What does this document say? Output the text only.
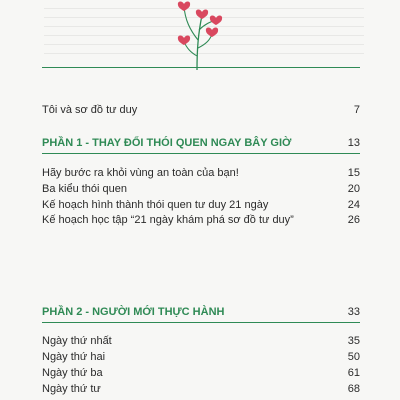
Tôi và sơ đồ tư duy	7
PHẦN 1 - THAY ĐỔI THÓI QUEN NGAY BÂY GIỜ	13
Hãy bước ra khỏi vùng an toàn của bạn!	15
Ba kiểu thói quen	20
Kế hoạch hình thành thói quen tư duy 21 ngày	24
Kế hoạch học tập “21 ngày khám phá sơ đồ tư duy”	26
PHẦN 2 - NGƯỜI MỚI THỰC HÀNH	33
Ngày thứ nhất	35
Ngày thứ hai	50
Ngày thứ ba	61
Ngày thứ tư	68
